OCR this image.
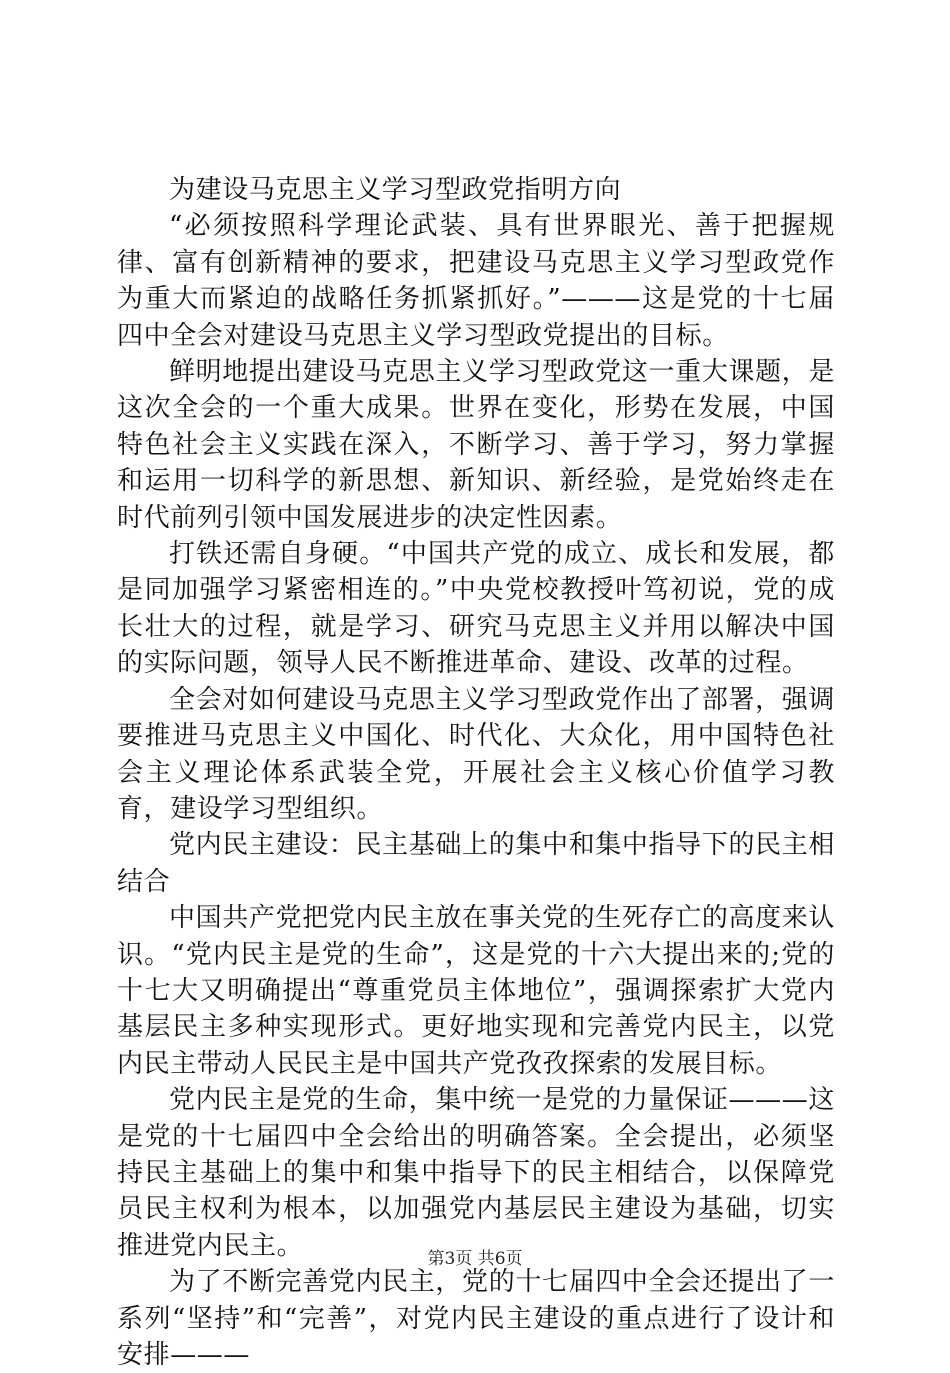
为建设马克思主义学习型政党指明方向

“必须按照科学理论武装、具有世界眼光、善于把握规律、富有创新精神的要求，把建设马克思主义学习型政党作为重大而紧迫的战略任务抓紧抓好。”———这是党的十七届四中全会对建设马克思主义学习型政党提出的目标。

鲜明地提出建设马克思主义学习型政党这一重大课题，是这次全会的一个重大成果。世界在变化，形势在发展，中国特色社会主义实践在深入，不断学习、善于学习，努力掌握和运用一切科学的新思想、新知识、新经验，是党始终走在时代前列引领中国发展进步的决定性因素。

打铁还需自身硬。“中国共产党的成立、成长和发展，都是同加强学习紧密相连的。”中央党校教授叶笃初说，党的成长壮大的过程，就是学习、研究马克思主义并用以解决中国的实际问题，领导人民不断推进革命、建设、改革的过程。

全会对如何建设马克思主义学习型政党作出了部署，强调要推进马克思主义中国化、时代化、大众化，用中国特色社会主义理论体系武装全党，开展社会主义核心价值学习教育，建设学习型组织。

党内民主建设：民主基础上的集中和集中指导下的民主相结合

中国共产党把党内民主放在事关党的生死存亡的高度来认识。“党内民主是党的生命”，这是党的十六大提出来的;党的十七大又明确提出“尊重党员主体地位”，强调探索扩大党内基层民主多种实现形式。更好地实现和完善党内民主，以党内民主带动人民民主是中国共产党孜孜探索的发展目标。

党内民主是党的生命，集中统一是党的力量保证———这是党的十七届四中全会给出的明确答案。全会提出，必须坚持民主基础上的集中和集中指导下的民主相结合，以保障党员民主权利为根本，以加强党内基层民主建设为基础，切实推进党内民主。

为了不断完善党内民主，党的十七届四中全会还提出了一系列“坚持”和“完善”，对党内民主建设的重点进行了设计和安排———

第3页 共6页
